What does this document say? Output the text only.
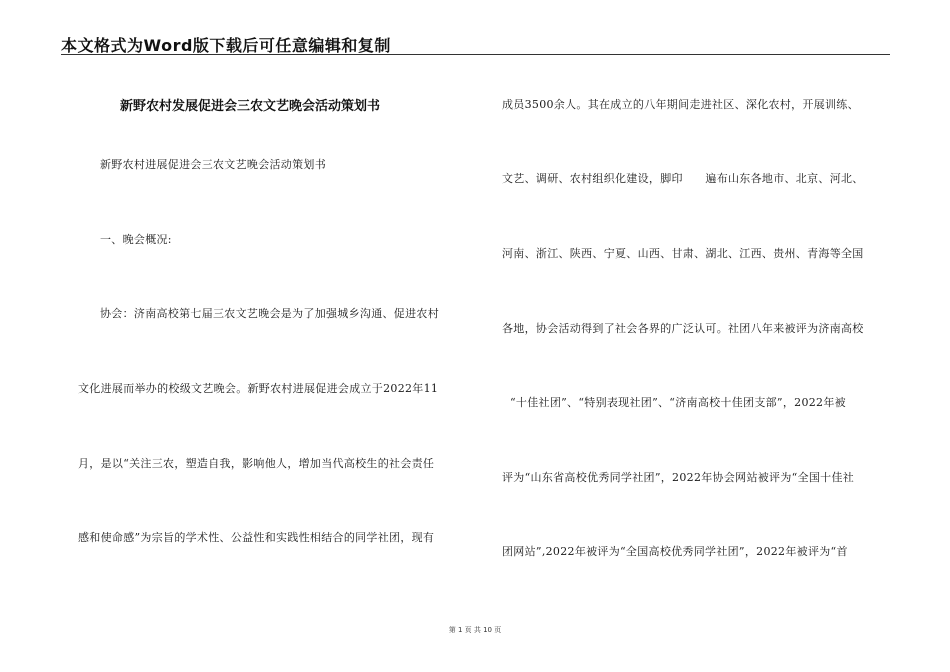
本文格式为Word版下载后可任意编辑和复制
新野农村发展促进会三农文艺晚会活动策划书
新野农村进展促进会三农文艺晚会活动策划书
一、晚会概况:
协会：济南高校第七届三农文艺晚会是为了加强城乡沟通、促进农村
文化进展而举办的校级文艺晚会。新野农村进展促进会成立于2022年11
月，是以“关注三农，塑造自我，影响他人，增加当代高校生的社会责任
感和使命感”为宗旨的学术性、公益性和实践性相结合的同学社团，现有
成员3500余人。其在成立的八年期间走进社区、深化农村，开展训练、
文艺、调研、农村组织化建设，脚印　　遍布山东各地市、北京、河北、
河南、浙江、陕西、宁夏、山西、甘肃、湖北、江西、贵州、青海等全国
各地，协会活动得到了社会各界的广泛认可。社团八年来被评为济南高校
“十佳社团”、“特别表现社团”、“济南高校十佳团支部”，2022年被
评为“山东省高校优秀同学社团”，2022年协会网站被评为“全国十佳社
团网站”,2022年被评为“全国高校优秀同学社团”，2022年被评为“首
第 1 页 共 10 页
